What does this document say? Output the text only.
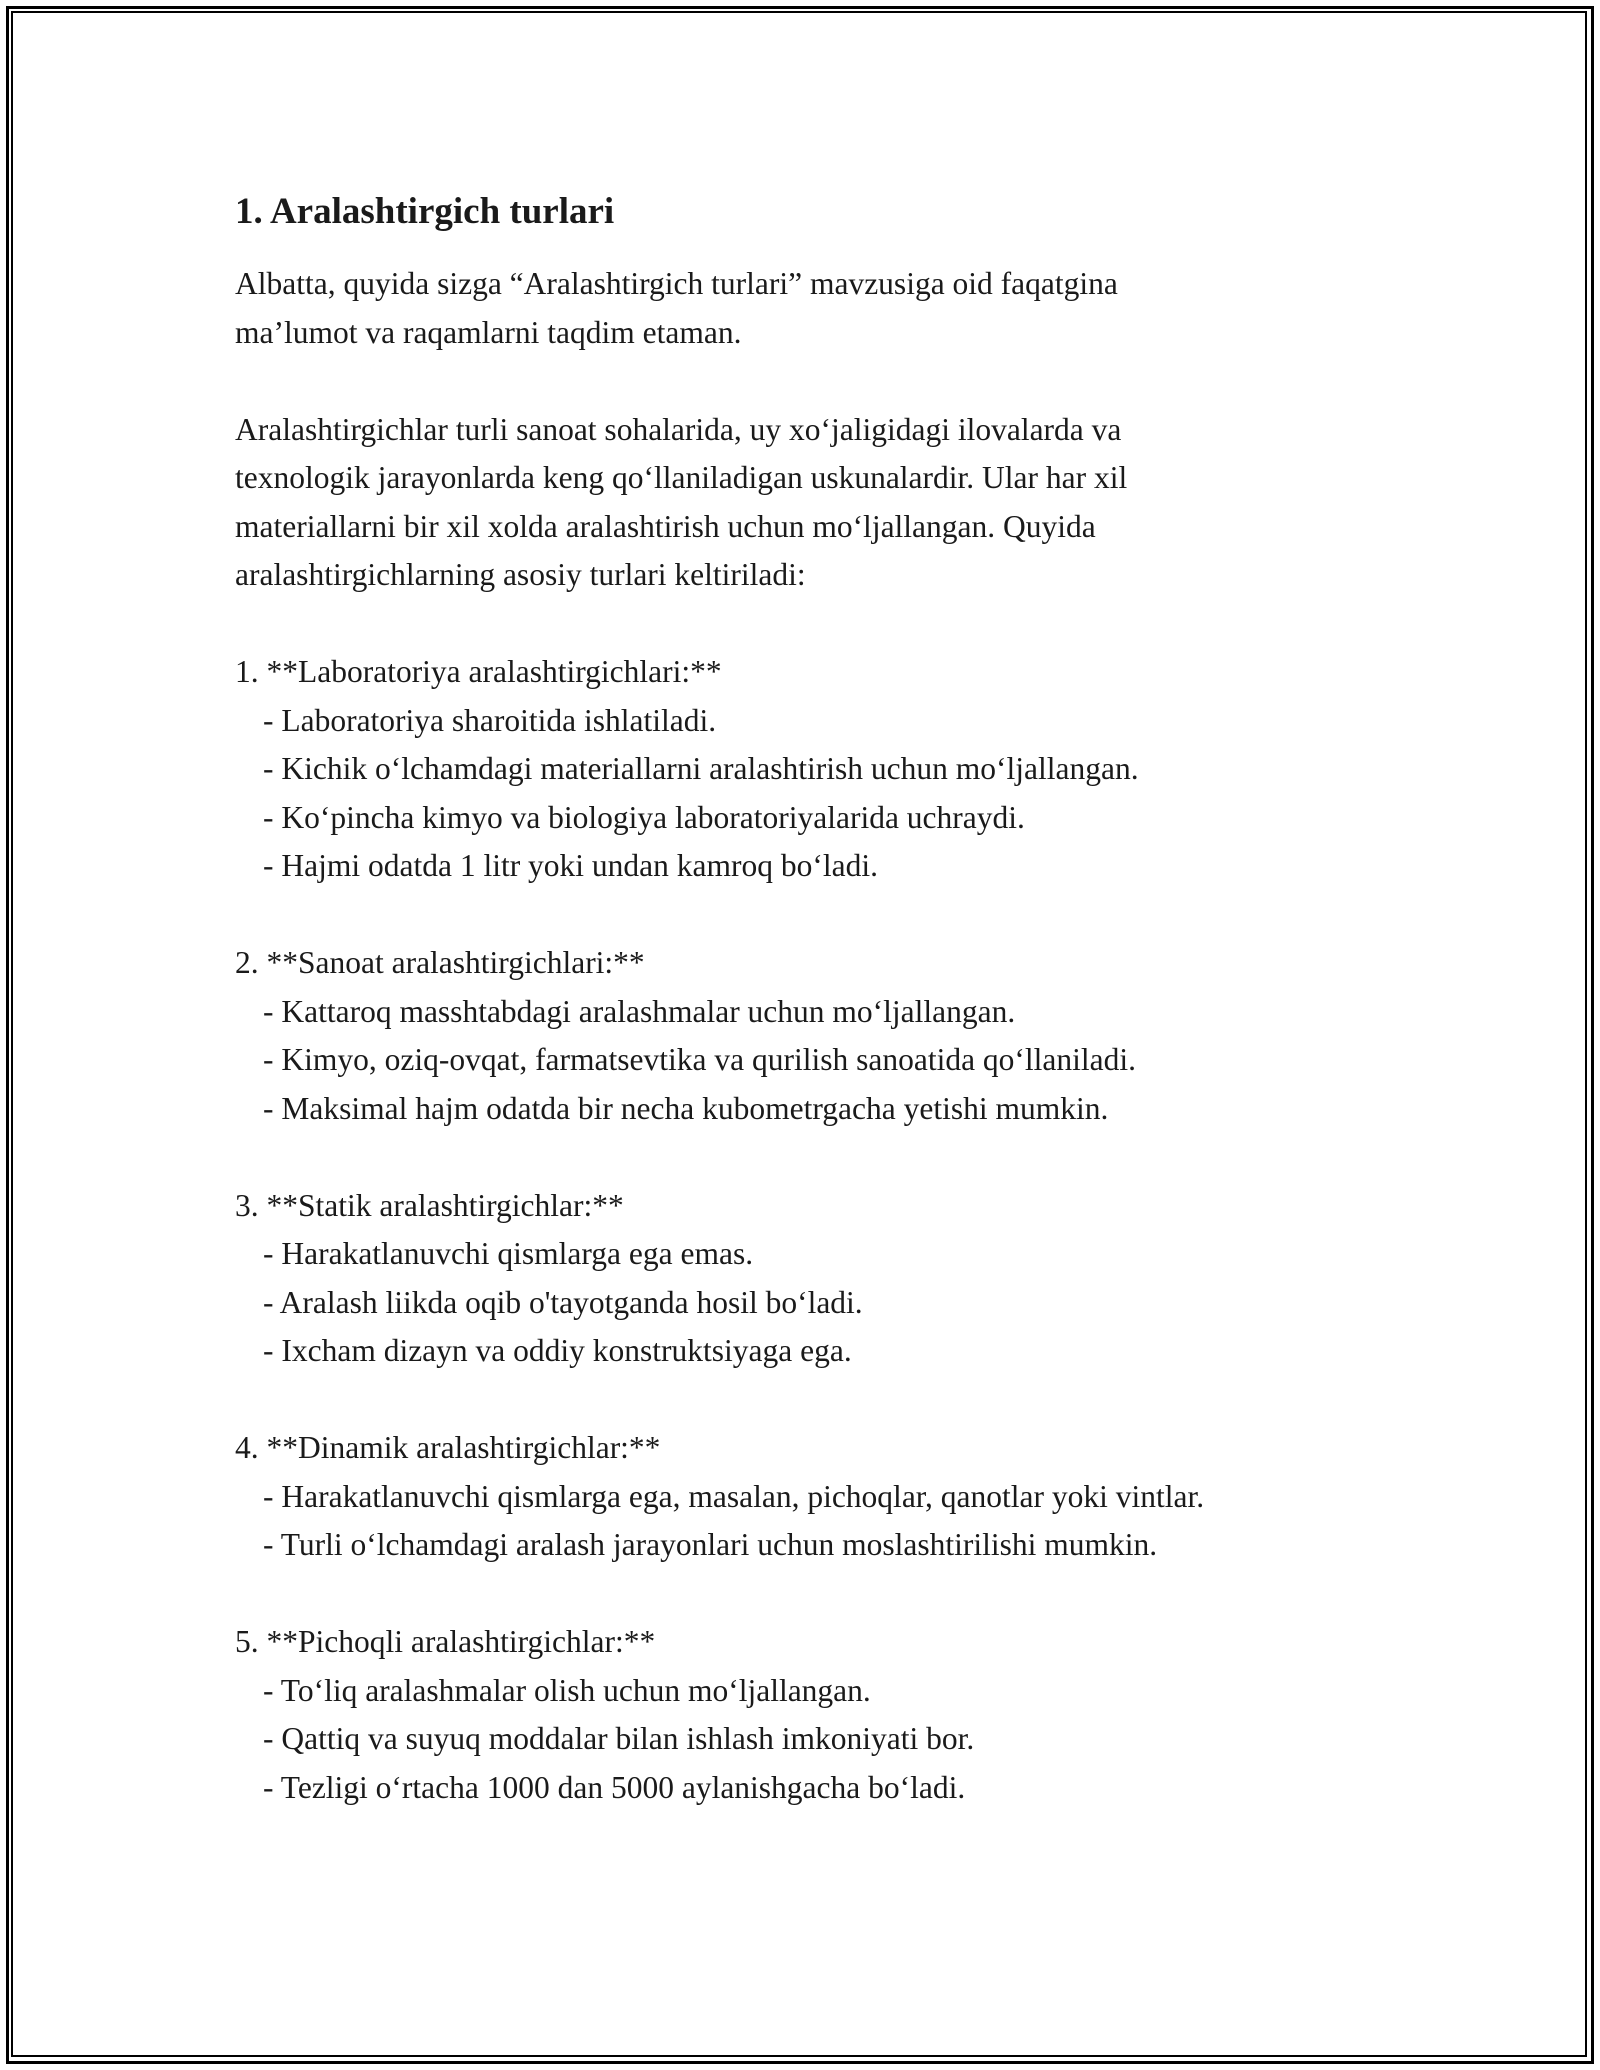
1. Aralashtirgich turlari

Albatta, quyida sizga “Aralashtirgich turlari” mavzusiga oid faqatgina

ma’lumot va raqamlarni taqdim etaman.

Aralashtirgichlar turli sanoat sohalarida, uy xo‘jaligidagi ilovalarda va

texnologik jarayonlarda keng qo‘llaniladigan uskunalardir. Ular har xil

materiallarni bir xil xolda aralashtirish uchun mo‘ljallangan. Quyida

aralashtirgichlarning asosiy turlari keltiriladi:

1. **Laboratoriya aralashtirgichlari:**

- Laboratoriya sharoitida ishlatiladi.

- Kichik o‘lchamdagi materiallarni aralashtirish uchun mo‘ljallangan.

- Ko‘pincha kimyo va biologiya laboratoriyalarida uchraydi.

- Hajmi odatda 1 litr yoki undan kamroq bo‘ladi.

2. **Sanoat aralashtirgichlari:**

- Kattaroq masshtabdagi aralashmalar uchun mo‘ljallangan.

- Kimyo, oziq-ovqat, farmatsevtika va qurilish sanoatida qo‘llaniladi.

- Maksimal hajm odatda bir necha kubometrgacha yetishi mumkin.

3. **Statik aralashtirgichlar:**

- Harakatlanuvchi qismlarga ega emas.

- Aralash liikda oqib o'tayotganda hosil bo‘ladi.

- Ixcham dizayn va oddiy konstruktsiyaga ega.

4. **Dinamik aralashtirgichlar:**

- Harakatlanuvchi qismlarga ega, masalan, pichoqlar, qanotlar yoki vintlar.

- Turli o‘lchamdagi aralash jarayonlari uchun moslashtirilishi mumkin.

5. **Pichoqli aralashtirgichlar:**

- To‘liq aralashmalar olish uchun mo‘ljallangan.

- Qattiq va suyuq moddalar bilan ishlash imkoniyati bor.

- Tezligi o‘rtacha 1000 dan 5000 aylanishgacha bo‘ladi.
